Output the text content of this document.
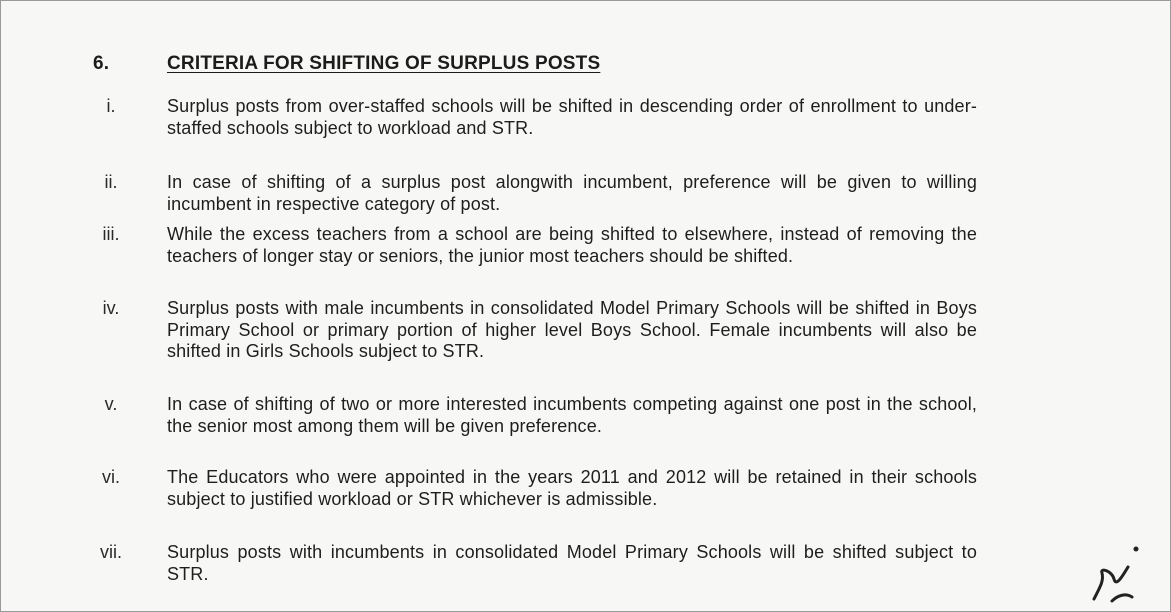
6.	CRITERIA FOR SHIFTING OF SURPLUS POSTS
i.	Surplus posts from over-staffed schools will be shifted in descending order of enrollment to under-staffed schools subject to workload and STR.
ii.	In case of shifting of a surplus post alongwith incumbent, preference will be given to willing incumbent in respective category of post.
iii.	While the excess teachers from a school are being shifted to elsewhere, instead of removing the teachers of longer stay or seniors, the junior most teachers should be shifted.
iv.	Surplus posts with male incumbents in consolidated Model Primary Schools will be shifted in Boys Primary School or primary portion of higher level Boys School. Female incumbents will also be shifted in Girls Schools subject to STR.
v.	In case of shifting of two or more interested incumbents competing against one post in the school, the senior most among them will be given preference.
vi.	The Educators who were appointed in the years 2011 and 2012 will be retained in their schools subject to justified workload or STR whichever is admissible.
vii.	Surplus posts with incumbents in consolidated Model Primary Schools will be shifted subject to STR.
